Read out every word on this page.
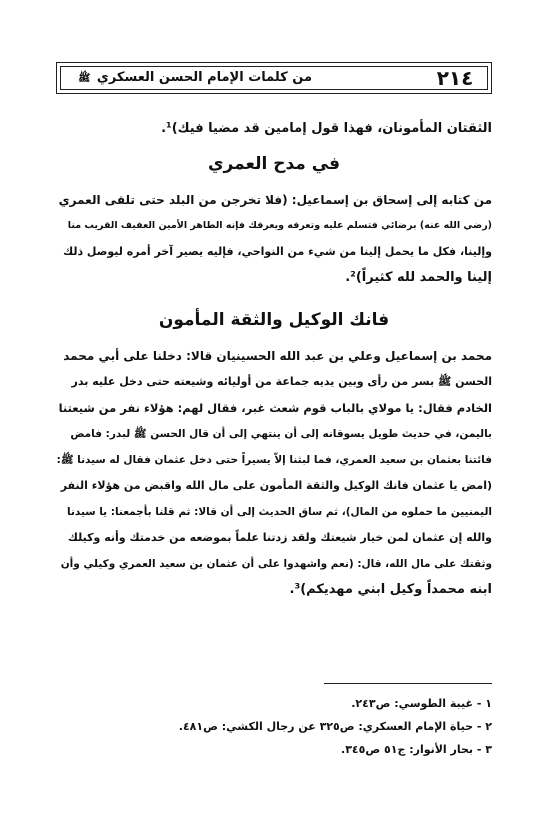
٢١٤
من كلمات الإمام الحسن العسكري ﷺ
الثقتان المأمونان، فهذا قول إمامين قد مضيا فيك)¹.
في مدح العمري
من كتابه إلى إسحاق بن إسماعيل: (فلا تخرجن من البلد حتى تلقى العمري
(رضي الله عنه) برضائي فتسلم عليه وتعرفه ويعرفك فإنه الطاهر الأمين العفيف القريب منا
وإلينا، فكل ما يحمل إلينا من شيء من النواحي، فإليه يصير آخر أمره ليوصل ذلك
إلينا والحمد لله كثيراً)².
فانك الوكيل والثقة المأمون
محمد بن إسماعيل وعلي بن عبد الله الحسينيان قالا: دخلنا على أبي محمد
الحسن ﷺ بسر من رأى وبين يديه جماعة من أوليائه وشيعته حتى دخل عليه بدر
الخادم فقال: يا مولاي بالباب قوم شعث غبر، فقال لهم: هؤلاء نفر من شيعتنا
باليمن، في حديث طويل يسوقانه إلى أن ينتهي إلى أن قال الحسن ﷺ لبدر: فامض
فائتنا بعثمان بن سعيد العمري، فما لبثنا إلاّ يسيراً حتى دخل عثمان فقال له سيدنا ﷺ:
(امض يا عثمان فانك الوكيل والثقة المأمون على مال الله واقبض من هؤلاء النفر
اليمنيين ما حملوه من المال)، ثم ساق الحديث إلى أن قالا: ثم قلنا بأجمعنا: يا سيدنا
والله إن عثمان لمن خيار شيعتك ولقد زدتنا علماً بموضعه من خدمتك وأنه وكيلك
وثقتك على مال الله، قال: (نعم واشهدوا على أن عثمان بن سعيد العمري وكيلي وأن
ابنه محمداً وكيل ابني مهديكم)³.
١ - غيبة الطوسي: ص٢٤٣.
٢ - حياة الإمام العسكري: ص٣٢٥ عن رجال الكشي: ص٤٨١.
٣ - بحار الأنوار: ج٥١ ص٣٤٥.
